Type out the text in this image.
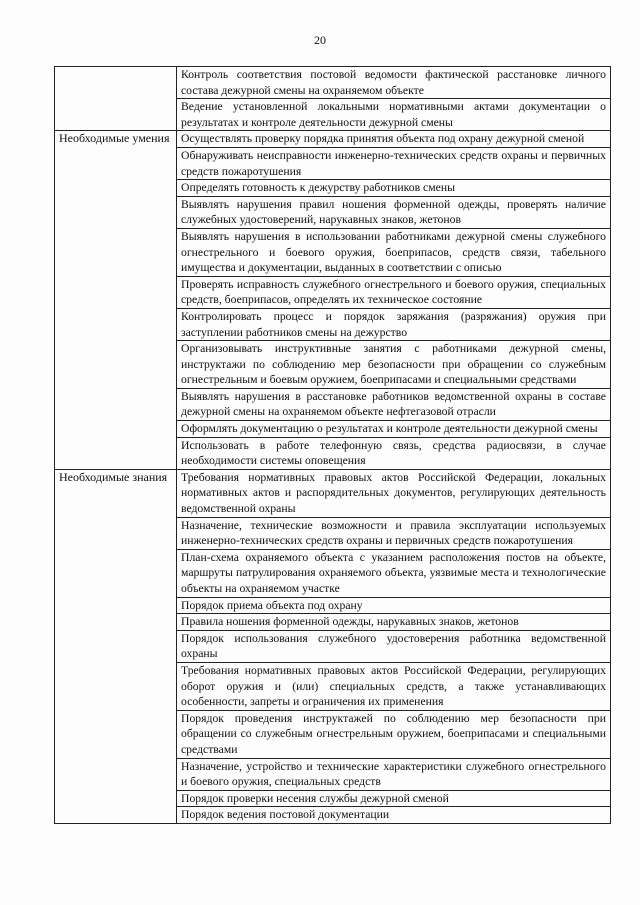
20
	Контроль соответствия постовой ведомости фактической расстановке личного состава дежурной смены на охраняемом объекте
	Ведение установленной локальными нормативными актами документации о результатах и контроле деятельности дежурной смены
Необходимые умения	Осуществлять проверку порядка принятия объекта под охрану дежурной сменой
	Обнаруживать неисправности инженерно-технических средств охраны и первичных средств пожаротушения
	Определять готовность к дежурству работников смены
	Выявлять нарушения правил ношения форменной одежды, проверять наличие служебных удостоверений, нарукавных знаков, жетонов
	Выявлять нарушения в использовании работниками дежурной смены служебного огнестрельного и боевого оружия, боеприпасов, средств связи, табельного имущества и документации, выданных в соответствии с описью
	Проверять исправность служебного огнестрельного и боевого оружия, специальных средств, боеприпасов, определять их техническое состояние
	Контролировать процесс и порядок заряжания (разряжания) оружия при заступлении работников смены на дежурство
	Организовывать инструктивные занятия с работниками дежурной смены, инструктажи по соблюдению мер безопасности при обращении со служебным огнестрельным и боевым оружием, боеприпасами и специальными средствами
	Выявлять нарушения в расстановке работников ведомственной охраны в составе дежурной смены на охраняемом объекте нефтегазовой отрасли
	Оформлять документацию о результатах и контроле деятельности дежурной смены
	Использовать в работе телефонную связь, средства радиосвязи, в случае необходимости системы оповещения
Необходимые знания	Требования нормативных правовых актов Российской Федерации, локальных нормативных актов и распорядительных документов, регулирующих деятельность ведомственной охраны
	Назначение, технические возможности и правила эксплуатации используемых инженерно-технических средств охраны и первичных средств пожаротушения
	План-схема охраняемого объекта с указанием расположения постов на объекте, маршруты патрулирования охраняемого объекта, уязвимые места и технологические объекты на охраняемом участке
	Порядок приема объекта под охрану
	Правила ношения форменной одежды, нарукавных знаков, жетонов
	Порядок использования служебного удостоверения работника ведомственной охраны
	Требования нормативных правовых актов Российской Федерации, регулирующих оборот оружия и (или) специальных средств, а также устанавливающих особенности, запреты и ограничения их применения
	Порядок проведения инструктажей по соблюдению мер безопасности при обращении со служебным огнестрельным оружием, боеприпасами и специальными средствами
	Назначение, устройство и технические характеристики служебного огнестрельного и боевого оружия, специальных средств
	Порядок проверки несения службы дежурной сменой
	Порядок ведения постовой документации
